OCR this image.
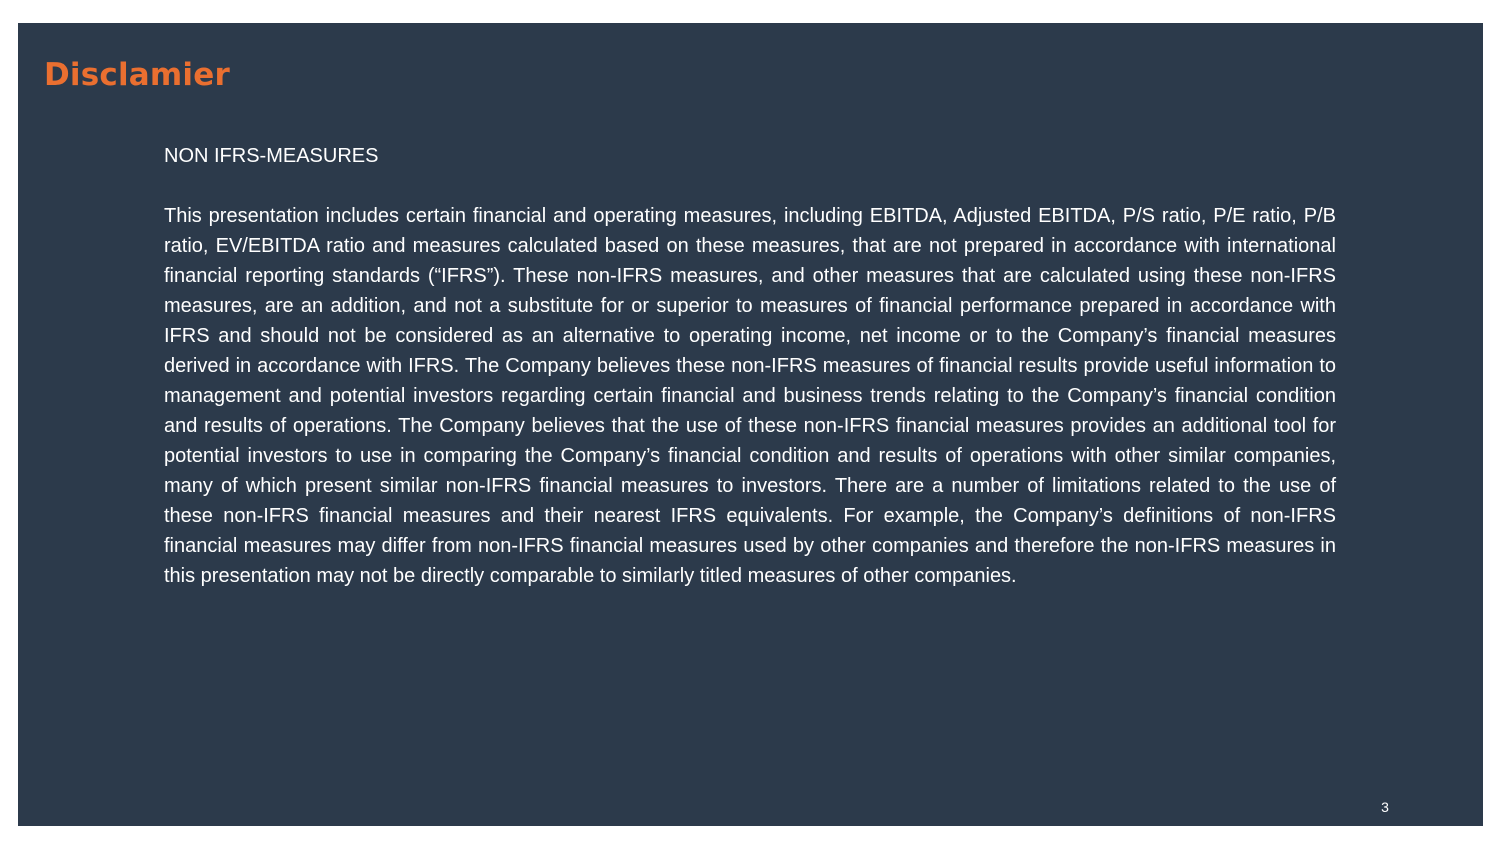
Disclamier

NON IFRS-MEASURES

This presentation includes certain financial and operating measures, including EBITDA, Adjusted EBITDA, P/S ratio, P/E ratio, P/B ratio, EV/EBITDA ratio and measures calculated based on these measures, that are not prepared in accordance with international financial reporting standards (“IFRS”). These non-IFRS measures, and other measures that are calculated using these non-IFRS measures, are an addition, and not a substitute for or superior to measures of financial performance prepared in accordance with IFRS and should not be considered as an alternative to operating income, net income or to the Company’s financial measures derived in accordance with IFRS. The Company believes these non-IFRS measures of financial results provide useful information to management and potential investors regarding certain financial and business trends relating to the Company’s financial condition and results of operations. The Company believes that the use of these non-IFRS financial measures provides an additional tool for potential investors to use in comparing the Company’s financial condition and results of operations with other similar companies, many of which present similar non-IFRS financial measures to investors. There are a number of limitations related to the use of these non-IFRS financial measures and their nearest IFRS equivalents. For example, the Company’s definitions of non-IFRS financial measures may differ from non-IFRS financial measures used by other companies and therefore the non-IFRS measures in this presentation may not be directly comparable to similarly titled measures of other companies.

3
